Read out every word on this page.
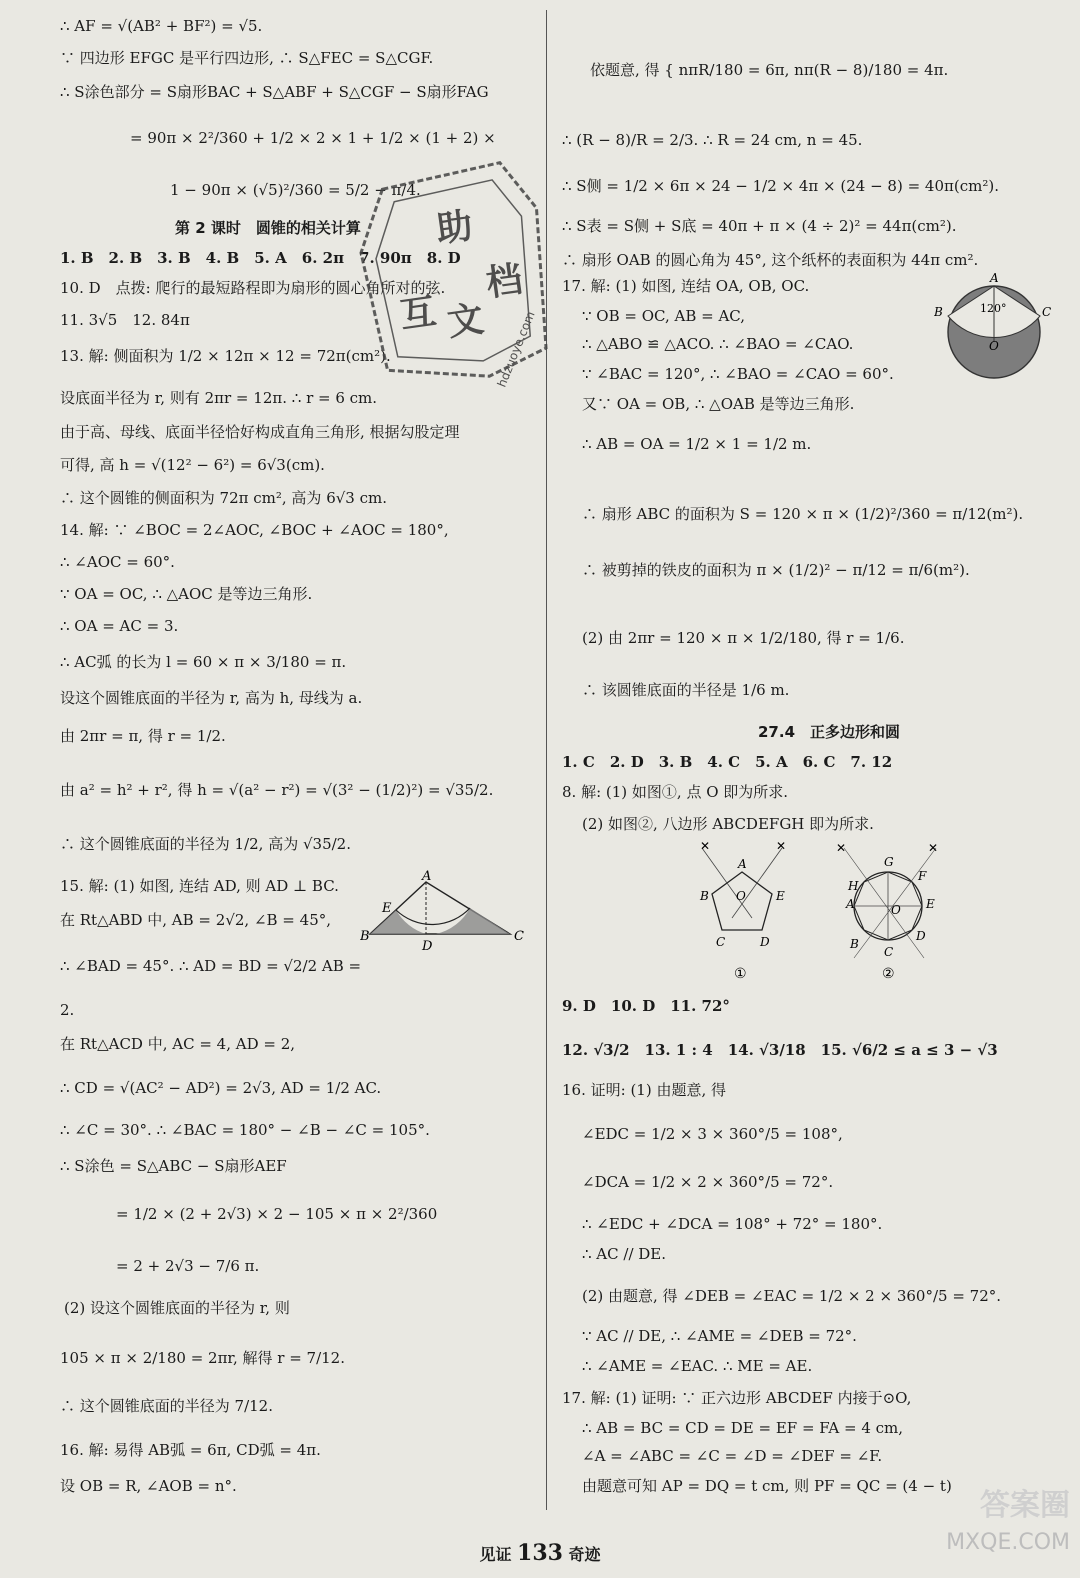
∴ AF = √(AB² + BF²) = √5.
∵ 四边形 EFGC 是平行四边形, ∴ S△FEC = S△CGF.
∴ S涂色部分 = S扇形BAC + S△ABF + S△CGF − S扇形FAG
= 90π × 2²/360 + 1/2 × 2 × 1 + 1/2 × (1 + 2) ×
1 − 90π × (√5)²/360 = 5/2 − π/4.
第 2 课时　圆锥的相关计算
1. B　2. B　3. B　4. B　5. A　6. 2π　7. 90π　8. D
10. D　点拨: 爬行的最短路程即为扇形的圆心角所对的弦.
11. 3√5　12. 84π
13. 解: 侧面积为 1/2 × 12π × 12 = 72π(cm²).
设底面半径为 r, 则有 2πr = 12π. ∴ r = 6 cm.
由于高、母线、底面半径恰好构成直角三角形, 根据勾股定理
可得, 高 h = √(12² − 6²) = 6√3(cm).
∴ 这个圆锥的侧面积为 72π cm², 高为 6√3 cm.
14. 解: ∵ ∠BOC = 2∠AOC, ∠BOC + ∠AOC = 180°,
∴ ∠AOC = 60°.
∵ OA = OC, ∴ △AOC 是等边三角形.
∴ OA = AC = 3.
∴ AC弧 的长为 l = 60 × π × 3/180 = π.
设这个圆锥底面的半径为 r, 高为 h, 母线为 a.
由 2πr = π, 得 r = 1/2.
由 a² = h² + r², 得 h = √(a² − r²) = √(3² − (1/2)²) = √35/2.
∴ 这个圆锥底面的半径为 1/2, 高为 √35/2.
15. 解: (1) 如图, 连结 AD, 则 AD ⊥ BC.
在 Rt△ABD 中, AB = 2√2, ∠B = 45°,
∴ ∠BAD = 45°. ∴ AD = BD = √2/2 AB =
2.
在 Rt△ACD 中, AC = 4, AD = 2,
∴ CD = √(AC² − AD²) = 2√3, AD = 1/2 AC.
∴ ∠C = 30°. ∴ ∠BAC = 180° − ∠B − ∠C = 105°.
∴ S涂色 = S△ABC − S扇形AEF
= 1/2 × (2 + 2√3) × 2 − 105 × π × 2²/360
= 2 + 2√3 − 7/6 π.
(2) 设这个圆锥底面的半径为 r, 则
105 × π × 2/180 = 2πr, 解得 r = 7/12.
∴ 这个圆锥底面的半径为 7/12.
16. 解: 易得 AB弧 = 6π, CD弧 = 4π.
设 OB = R, ∠AOB = n°.
A
B	C
D
E
依题意, 得 { nπR/180 = 6π, nπ(R − 8)/180 = 4π.
∴ (R − 8)/R = 2/3. ∴ R = 24 cm, n = 45.
∴ S侧 = 1/2 × 6π × 24 − 1/2 × 4π × (24 − 8) = 40π(cm²).
∴ S表 = S侧 + S底 = 40π + π × (4 ÷ 2)² = 44π(cm²).
∴ 扇形 OAB 的圆心角为 45°, 这个纸杯的表面积为 44π cm².
17. 解: (1) 如图, 连结 OA, OB, OC.
∵ OB = OC, AB = AC,
∴ △ABO ≌ △ACO. ∴ ∠BAO = ∠CAO.
∵ ∠BAC = 120°, ∴ ∠BAO = ∠CAO = 60°.
又∵ OA = OB, ∴ △OAB 是等边三角形.
∴ AB = OA = 1/2 × 1 = 1/2 m.
∴ 扇形 ABC 的面积为 S = 120 × π × (1/2)²/360 = π/12(m²).
∴ 被剪掉的铁皮的面积为 π × (1/2)² − π/12 = π/6(m²).
(2) 由 2πr = 120 × π × 1/2/180, 得 r = 1/6.
∴ 该圆锥底面的半径是 1/6 m.
27.4　正多边形和圆
1. C　2. D　3. B　4. C　5. A　6. C　7. 12
8. 解: (1) 如图①, 点 O 即为所求.
(2) 如图②, 八边形 ABCDEFGH 即为所求.
9. D　10. D　11. 72°
12. √3/2　13. 1 : 4　14. √3/18　15. √6/2 ≤ a ≤ 3 − √3
16. 证明: (1) 由题意, 得
∠EDC = 1/2 × 3 × 360°/5 = 108°,
∠DCA = 1/2 × 2 × 360°/5 = 72°.
∴ ∠EDC + ∠DCA = 108° + 72° = 180°.
∴ AC // DE.
(2) 由题意, 得 ∠DEB = ∠EAC = 1/2 × 2 × 360°/5 = 72°.
∵ AC // DE, ∴ ∠AME = ∠DEB = 72°.
∴ ∠AME = ∠EAC. ∴ ME = AE.
17. 解: (1) 证明: ∵ 正六边形 ABCDEF 内接于⊙O,
∴ AB = BC = CD = DE = EF = FA = 4 cm,
∠A = ∠ABC = ∠C = ∠D = ∠DEF = ∠F.
由题意可知 AP = DQ = t cm, 则 PF = QC = (4 − t)
A
B	C
O
120°
✕	✕
A
B
C	D
E
O
①
✕	✕
A
B
C
D
E
F
G
H
O
②
助
档
互 文 hdzuoye.com
见证 133 奇迹
答案圈
MXQE.COM
